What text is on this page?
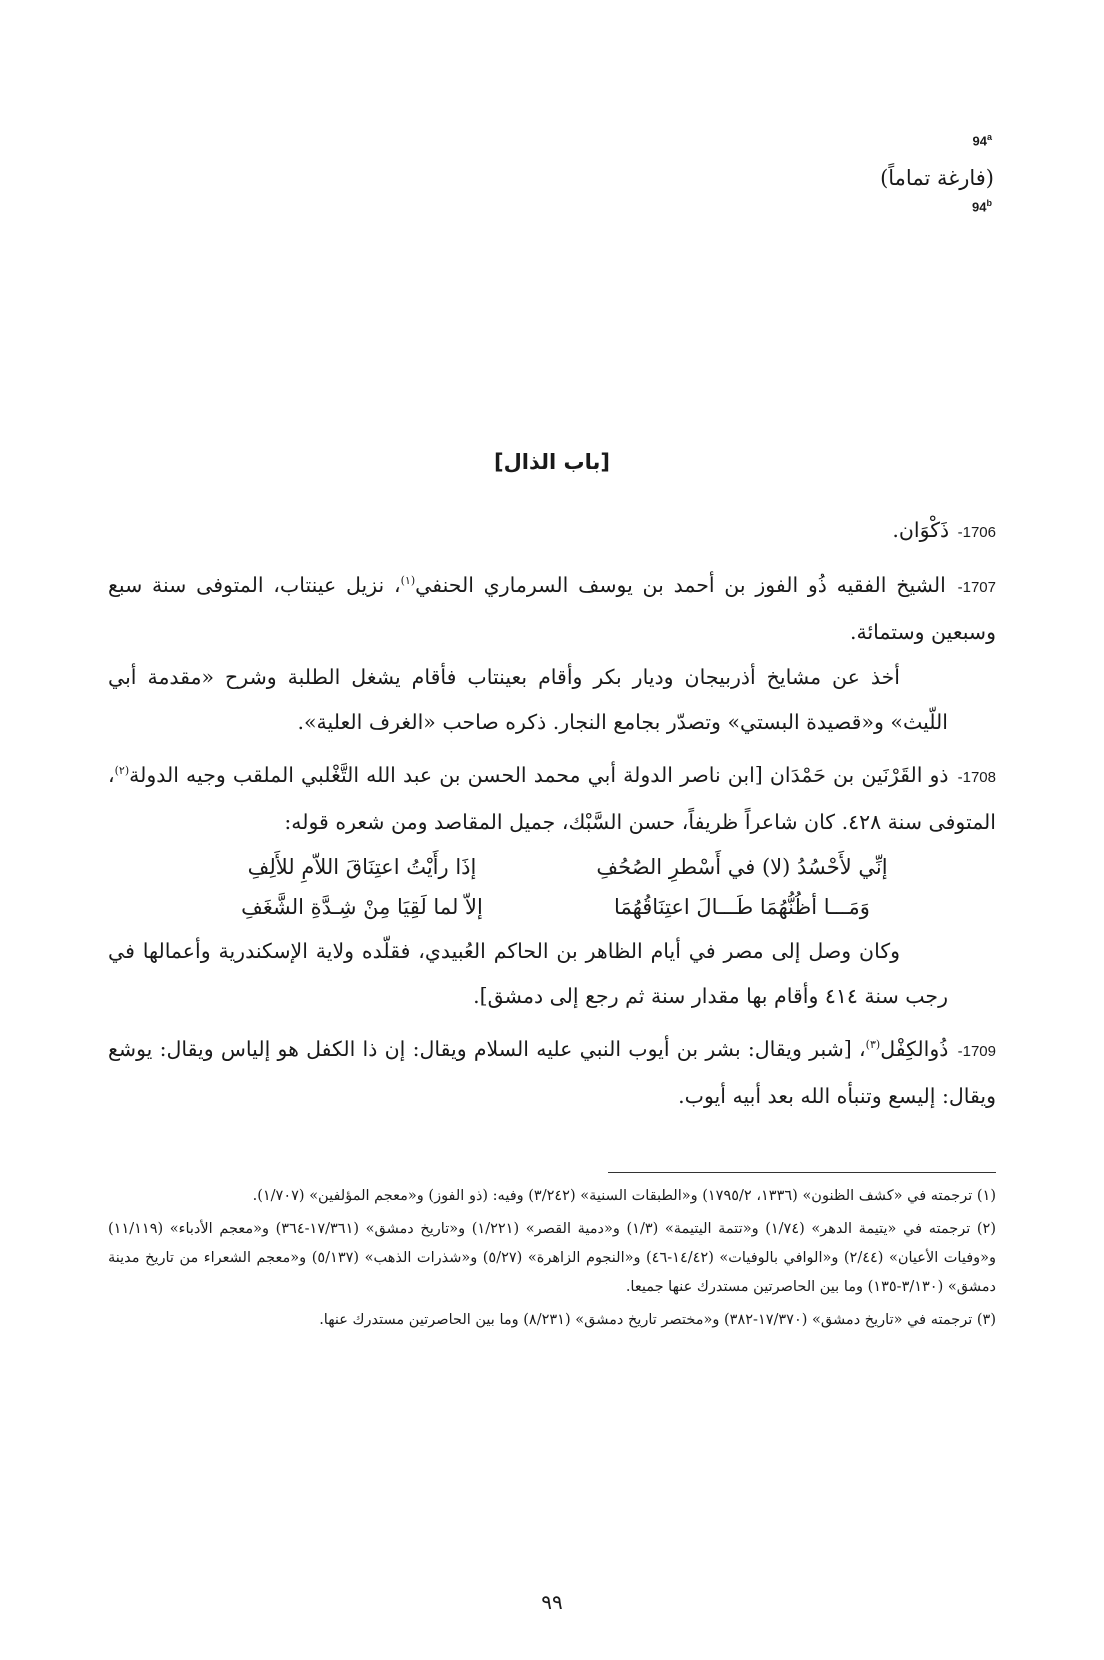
94$^a$
(فارغة تماماً)
94$^b$
[باب الذال]

1706- ذَكْوَان.

1707- الشيخ الفقيه ذُو الفوز بن أحمد بن يوسف السرماري الحنفي$^{(١)}$، نزيل عينتاب، المتوفى سنة سبع وسبعين وستمائة.

أخذ عن مشايخ أذربيجان وديار بكر وأقام بعينتاب فأقام يشغل الطلبة وشرح «مقدمة أبي اللّيث» و«قصيدة البستي» وتصدّر بجامع النجار. ذكره صاحب «الغرف العلية».

1708- ذو القَرْنَين بن حَمْدَان [ابن ناصر الدولة أبي محمد الحسن بن عبد الله التَّغْلبي الملقب وجيه الدولة$^{(٢)}$، المتوفى سنة ٤٢٨. كان شاعراً ظريفاً، حسن السَّبْك، جميل المقاصد ومن شعره قوله:

إنِّي لأَحْسُدُ (لا) في أَسْطرِ الصُحُفِ
إذَا رأَيْتُ اعتِنَاقَ اللاّمِ للأَلِفِ
وَمَـــا أظُنُّهُمَا طَـــالَ اعتِنَاقُهُمَا
إلاّ لما لَقِيَا مِنْ شِـدَّةِ الشَّغَفِ

وكان وصل إلى مصر في أيام الظاهر بن الحاكم العُبيدي، فقلّده ولاية الإسكندرية وأعمالها في رجب سنة ٤١٤ وأقام بها مقدار سنة ثم رجع إلى دمشق].

1709- ذُوالكِفْل$^{(٣)}$، [شبر ويقال: بشر بن أيوب النبي عليه السلام ويقال: إن ذا الكفل هو إلياس ويقال: يوشع ويقال: إليسع وتنبأه الله بعد أبيه أيوب.

(١) ترجمته في «كشف الظنون» (١٣٣٦، ١٧٩٥/٢) و«الطبقات السنية» (٣/٢٤٢) وفيه: (ذو الفوز) و«معجم المؤلفين» (١/٧٠٧).

(٢) ترجمته في «يتيمة الدهر» (١/٧٤) و«تتمة اليتيمة» (١/٣) و«دمية القصر» (١/٢٢١) و«تاريخ دمشق» (١٧/٣٦١-٣٦٤) و«معجم الأدباء» (١١/١١٩) و«وفيات الأعيان» (٢/٤٤) و«الوافي بالوفيات» (١٤/٤٢-٤٦) و«النجوم الزاهرة» (٥/٢٧) و«شذرات الذهب» (٥/١٣٧) و«معجم الشعراء من تاريخ مدينة دمشق» (٣/١٣٠-١٣٥) وما بين الحاصرتين مستدرك عنها جميعا.

(٣) ترجمته في «تاريخ دمشق» (١٧/٣٧٠-٣٨٢) و«مختصر تاريخ دمشق» (٨/٢٣١) وما بين الحاصرتين مستدرك عنها.

٩٩
